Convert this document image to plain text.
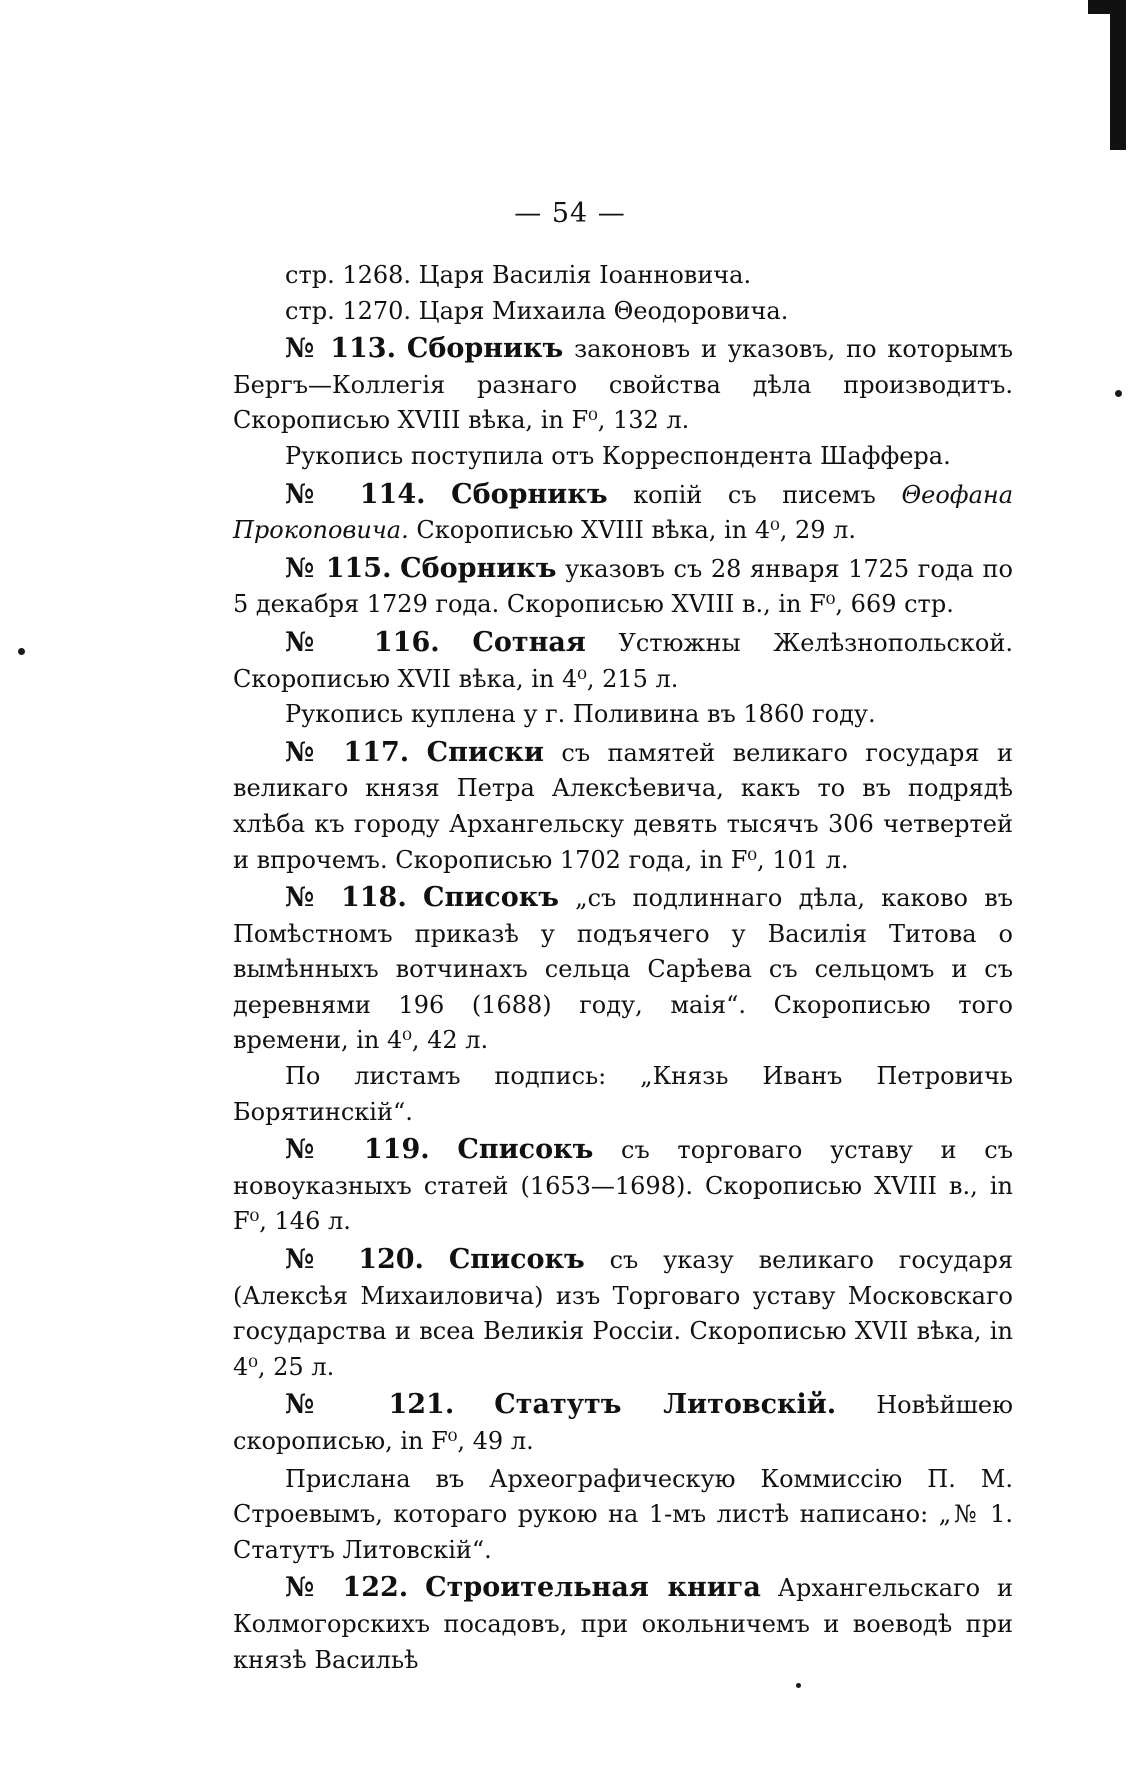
— 54 —

стр. 1268. Царя Василія Іоанновича.

стр. 1270. Царя Михаила Θеодоровича.

№ 113. Сборникъ законовъ и указовъ, по которымъ Бергъ—Коллегія разнаго свойства дѣла производитъ. Скорописью XVIII вѣка, in F⁰, 132 л.

Рукопись поступила отъ Корреспондента Шаффера.

№ 114. Сборникъ копій съ писемъ Θеофана Прокоповича. Скорописью XVIII вѣка, in 4⁰, 29 л.

№ 115. Сборникъ указовъ съ 28 января 1725 года по 5 декабря 1729 года. Скорописью XVIII в., in F⁰, 669 стр.

№ 116. Сотная Устюжны Желѣзнопольской. Скорописью XVII вѣка, in 4⁰, 215 л.

Рукопись куплена у г. Поливина въ 1860 году.

№ 117. Списки съ памятей великаго государя и великаго князя Петра Алексѣевича, какъ то въ подрядѣ хлѣба къ городу Архангельску девять тысячъ 306 четвертей и впрочемъ. Скорописью 1702 года, in F⁰, 101 л.

№ 118. Списокъ „съ подлиннаго дѣла, каково въ Помѣстномъ приказѣ у подъячего у Василія Титова о вымѣнныхъ вотчинахъ сельца Сарѣева съ сельцомъ и съ деревнями 196 (1688) году, маія“. Скорописью того времени, in 4⁰, 42 л.

По листамъ подпись: „Князь Иванъ Петровичь Борятинскій“.

№ 119. Списокъ съ торговаго уставу и съ новоуказныхъ статей (1653—1698). Скорописью XVIII в., in F⁰, 146 л.

№ 120. Списокъ съ указу великаго государя (Алексѣя Михаиловича) изъ Торговаго уставу Московскаго государства и всеа Великія Россіи. Скорописью XVII вѣка, in 4⁰, 25 л.

№ 121. Статутъ Литовскій. Новѣйшею скорописью, in F⁰, 49 л.

Прислана въ Археографическую Коммиссію П. М. Строевымъ, котораго рукою на 1-мъ листѣ написано: „№ 1. Статутъ Литовскій“.

№ 122. Строительная книга Архангельскаго и Колмогорскихъ посадовъ, при окольничемъ и воеводѣ при князѣ Васильѣ
